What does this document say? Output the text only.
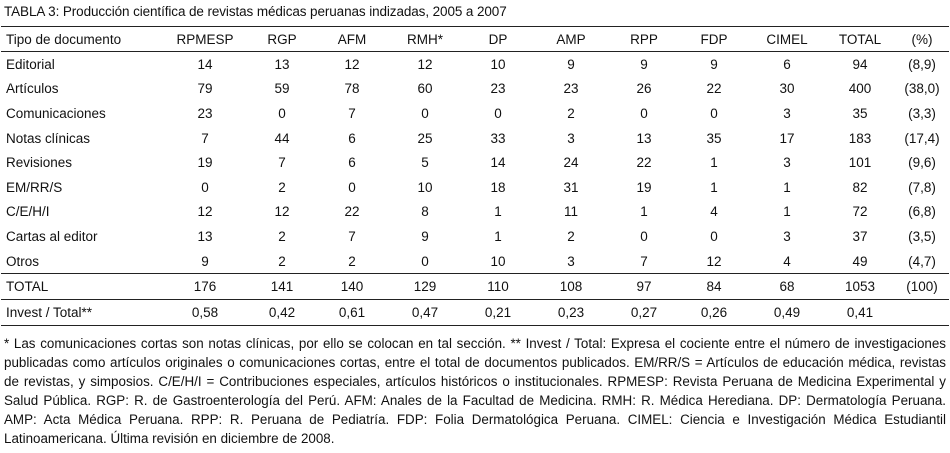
TABLA 3: Producción científica de revistas médicas peruanas indizadas, 2005 a 2007
Tipo de documento	RPMESP	RGP	AFM	RMH*	DP	AMP	RPP	FDP	CIMEL	TOTAL	(%)
Editorial	14	13	12	12	10	9	9	9	6	94	(8,9)
Artículos	79	59	78	60	23	23	26	22	30	400	(38,0)
Comunicaciones	23	0	7	0	0	2	0	0	3	35	(3,3)
Notas clínicas	7	44	6	25	33	3	13	35	17	183	(17,4)
Revisiones	19	7	6	5	14	24	22	1	3	101	(9,6)
EM/RR/S	0	2	0	10	18	31	19	1	1	82	(7,8)
C/E/H/I	12	12	22	8	1	11	1	4	1	72	(6,8)
Cartas al editor	13	2	7	9	1	2	0	0	3	37	(3,5)
Otros	9	2	2	0	10	3	7	12	4	49	(4,7)
TOTAL	176	141	140	129	110	108	97	84	68	1053	(100)
Invest / Total**	0,58	0,42	0,61	0,47	0,21	0,23	0,27	0,26	0,49	0,41	
* Las comunicaciones cortas son notas clínicas, por ello se colocan en tal sección. ** Invest / Total: Expresa el cociente entre el número de investigaciones publicadas como artículos originales o comunicaciones cortas, entre el total de documentos publicados. EM/RR/S = Artículos de educación médica, revistas de revistas, y simposios. C/E/H/I = Contribuciones especiales, artículos históricos o institucionales. RPMESP: Revista Peruana de Medicina Experimental y Salud Pública. RGP: R. de Gastroenterología del Perú. AFM: Anales de la Facultad de Medicina. RMH: R. Médica Herediana. DP: Dermatología Peruana. AMP: Acta Médica Peruana. RPP: R. Peruana de Pediatría. FDP: Folia Dermatológica Peruana. CIMEL: Ciencia e Investigación Médica Estudiantil Latinoamericana. Última revisión en diciembre de 2008.
